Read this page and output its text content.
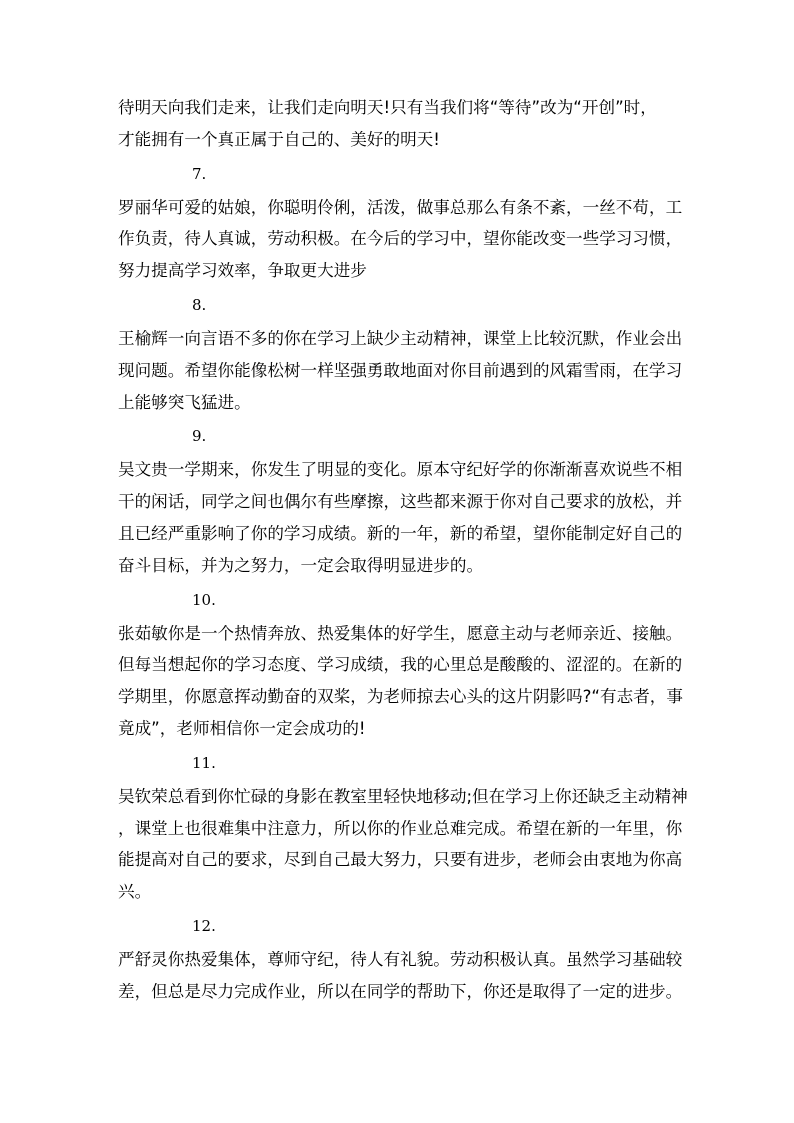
待明天向我们走来，让我们走向明天!只有当我们将“等待”改为“开创”时，

才能拥有一个真正属于自己的、美好的明天!

7.

罗丽华可爱的姑娘，你聪明伶俐，活泼，做事总那么有条不紊，一丝不苟，工

作负责，待人真诚，劳动积极。在今后的学习中，望你能改变一些学习习惯，

努力提高学习效率，争取更大进步

8.

王榆辉一向言语不多的你在学习上缺少主动精神，课堂上比较沉默，作业会出

现问题。希望你能像松树一样坚强勇敢地面对你目前遇到的风霜雪雨，在学习

上能够突飞猛进。

9.

吴文贵一学期来，你发生了明显的变化。原本守纪好学的你渐渐喜欢说些不相

干的闲话，同学之间也偶尔有些摩擦，这些都来源于你对自己要求的放松，并

且已经严重影响了你的学习成绩。新的一年，新的希望，望你能制定好自己的

奋斗目标，并为之努力，一定会取得明显进步的。

10.

张茹敏你是一个热情奔放、热爱集体的好学生，愿意主动与老师亲近、接触。

但每当想起你的学习态度、学习成绩，我的心里总是酸酸的、涩涩的。在新的

学期里，你愿意挥动勤奋的双桨，为老师掠去心头的这片阴影吗?“有志者，事

竟成”，老师相信你一定会成功的!

11.

吴钦荣总看到你忙碌的身影在教室里轻快地移动;但在学习上你还缺乏主动精神

，课堂上也很难集中注意力，所以你的作业总难完成。希望在新的一年里，你

能提高对自己的要求，尽到自己最大努力，只要有进步，老师会由衷地为你高

兴。

12.

严舒灵你热爱集体，尊师守纪，待人有礼貌。劳动积极认真。虽然学习基础较

差，但总是尽力完成作业，所以在同学的帮助下，你还是取得了一定的进步。
